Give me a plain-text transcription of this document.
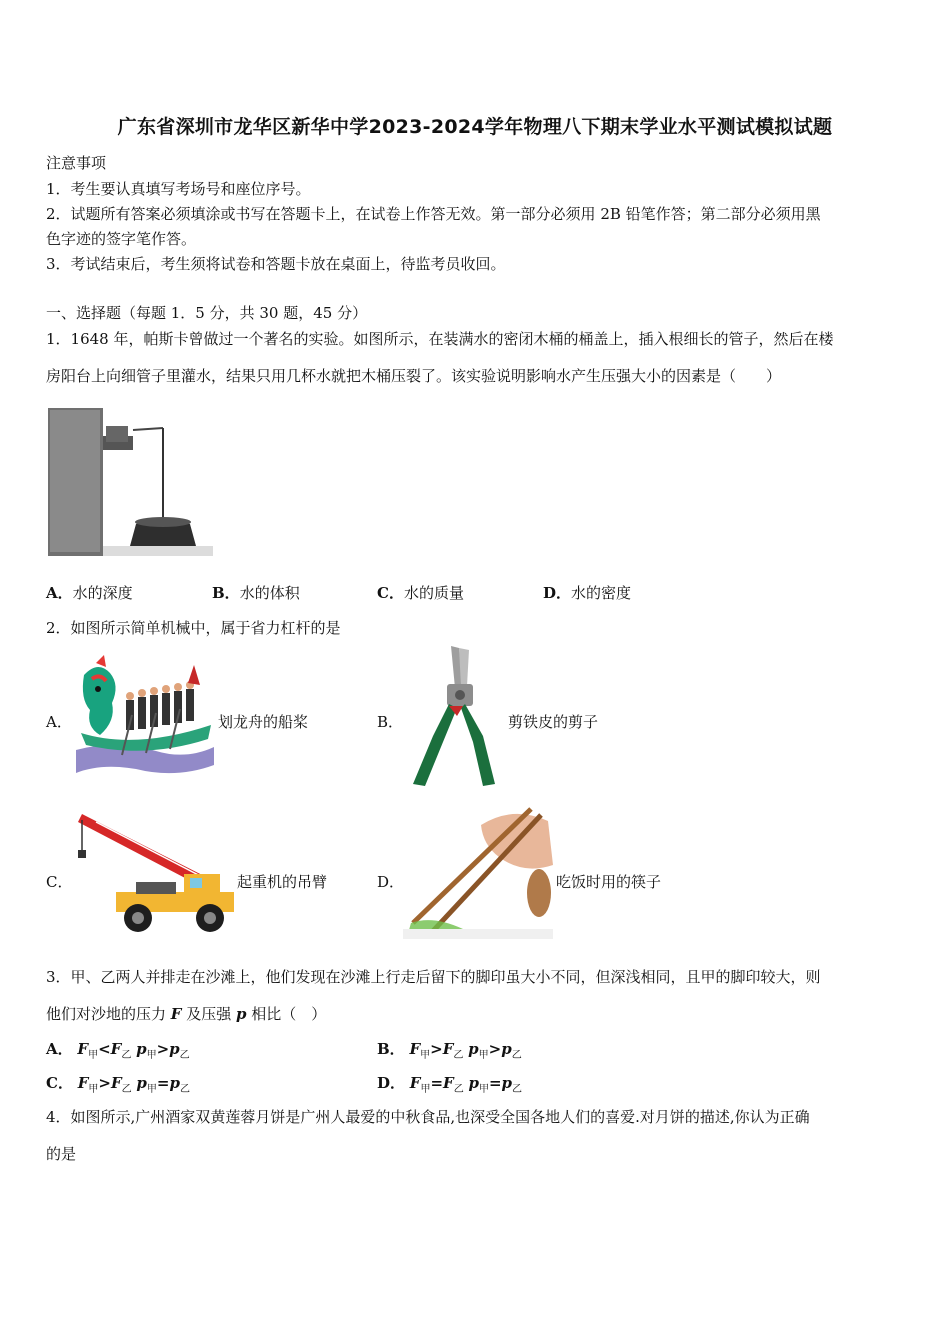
广东省深圳市龙华区新华中学2023-2024学年物理八下期末学业水平测试模拟试题
注意事项
1．考生要认真填写考场号和座位序号。
2．试题所有答案必须填涂或书写在答题卡上，在试卷上作答无效。第一部分必须用 2B 铅笔作答；第二部分必须用黑
色字迹的签字笔作答。
3．考试结束后，考生须将试卷和答题卡放在桌面上，待监考员收回。
一、选择题（每题 1．5 分，共 30 题，45 分）
1．1648 年，帕斯卡曾做过一个著名的实验。如图所示，在装满水的密闭木桶的桶盖上，插入根细长的管子，然后在楼
房阳台上向细管子里灌水，结果只用几杯水就把木桶压裂了。该实验说明影响水产生压强大小的因素是（　　）
A．水的深度	B．水的体积	C．水的质量	D．水的密度
2．如图所示简单机械中，属于省力杠杆的是
A．	划龙舟的船桨	B．	剪铁皮的剪子
C．	起重机的吊臂	D．	吃饭时用的筷子
3．甲、乙两人并排走在沙滩上，他们发现在沙滩上行走后留下的脚印虽大小不同，但深浅相同，且甲的脚印较大，则
他们对沙地的压力 F 及压强 p 相比（　）
A． $F_甲<F_乙$ $p_甲>p_乙$	B． $F_甲>F_乙$ $p_甲>p_乙$
C． $F_甲>F_乙$ $p_甲=p_乙$	D． $F_甲=F_乙$ $p_甲=p_乙$
4．如图所示,广州酒家双黄莲蓉月饼是广州人最爱的中秋食品,也深受全国各地人们的喜爱.对月饼的描述,你认为正确
的是
